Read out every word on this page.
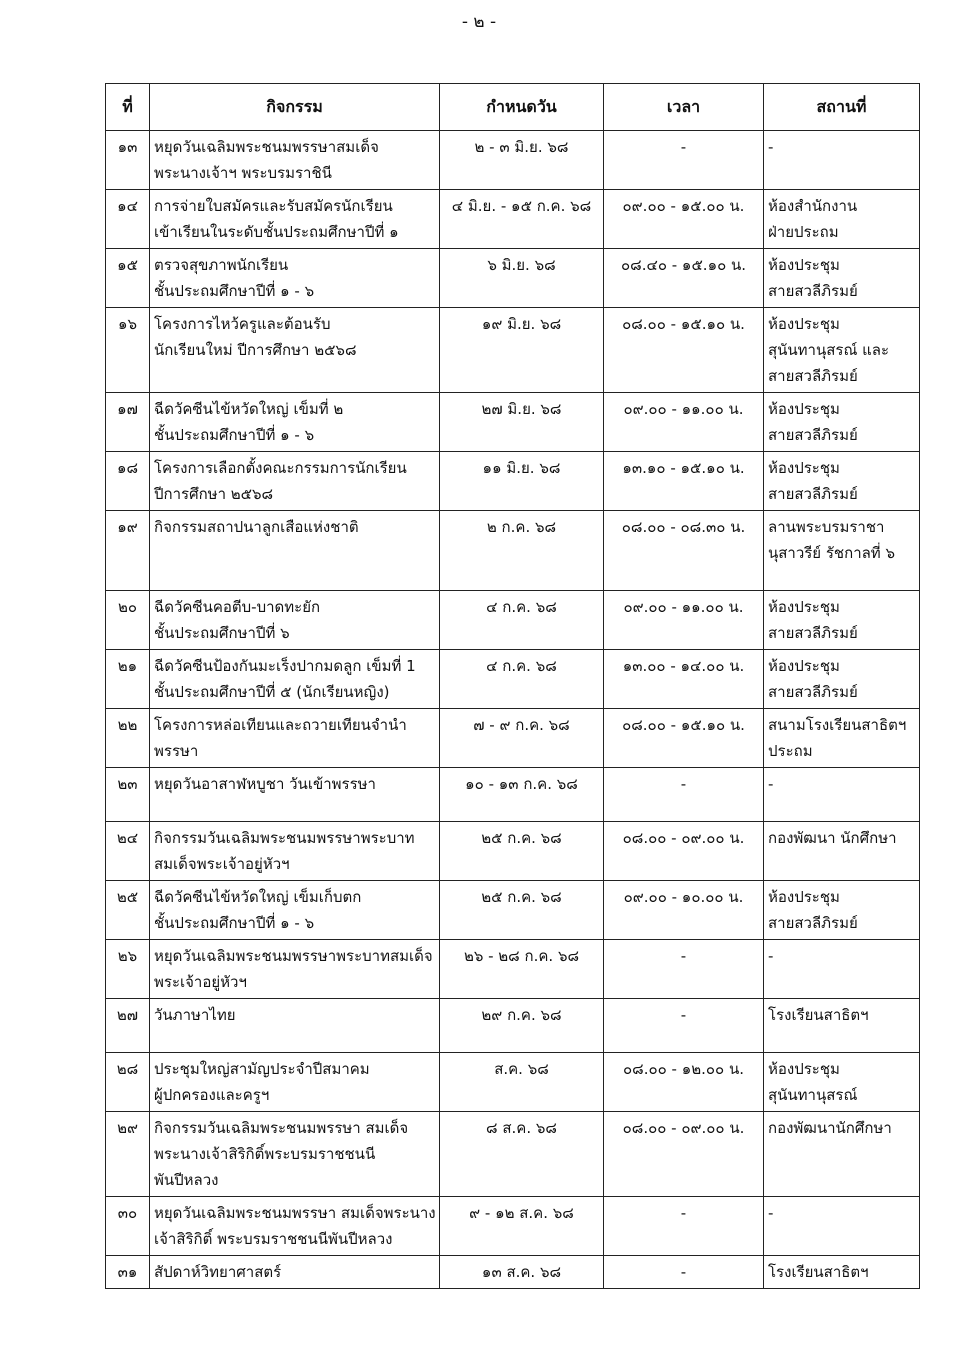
- ๒ -
ที่	กิจกรรม	กำหนดวัน	เวลา	สถานที่
๑๓	หยุดวันเฉลิมพระชนมพรรษาสมเด็จ
พระนางเจ้าฯ พระบรมราชินี	๒ - ๓ มิ.ย. ๖๘	-	-

๑๔	การจ่ายใบสมัครและรับสมัครนักเรียน
เข้าเรียนในระดับชั้นประถมศึกษาปีที่ ๑	๔ มิ.ย. - ๑๕ ก.ค. ๖๘	๐๙.๐๐ - ๑๕.๐๐ น.	ห้องสำนักงาน
ฝ่ายประถม

๑๕	ตรวจสุขภาพนักเรียน
ชั้นประถมศึกษาปีที่ ๑ - ๖	๖ มิ.ย. ๖๘	๐๘.๔๐ - ๑๕.๑๐ น.	ห้องประชุม
สายสวลีภิรมย์

๑๖	โครงการไหว้ครูและต้อนรับ
นักเรียนใหม่ ปีการศึกษา ๒๕๖๘	๑๙ มิ.ย. ๖๘	๐๘.๐๐ - ๑๕.๑๐ น.	ห้องประชุม
สุนันทานุสรณ์ และ
สายสวลีภิรมย์

๑๗	ฉีดวัคซีนไข้หวัดใหญ่ เข็มที่ ๒
ชั้นประถมศึกษาปีที่ ๑ - ๖	๒๗ มิ.ย. ๖๘	๐๙.๐๐ - ๑๑.๐๐ น.	ห้องประชุม
สายสวลีภิรมย์

๑๘	โครงการเลือกตั้งคณะกรรมการนักเรียน
ปีการศึกษา ๒๕๖๘	๑๑ มิ.ย. ๖๘	๑๓.๑๐ - ๑๕.๑๐ น.	ห้องประชุม
สายสวลีภิรมย์

๑๙	กิจกรรมสถาปนาลูกเสือแห่งชาติ	๒ ก.ค. ๖๘	๐๘.๐๐ - ๐๘.๓๐ น.	ลานพระบรมราชา
นุสาวรีย์ รัชกาลที่ ๖

๒๐	ฉีดวัคซีนคอตีบ-บาดทะยัก
ชั้นประถมศึกษาปีที่ ๖	๔ ก.ค. ๖๘	๐๙.๐๐ - ๑๑.๐๐ น.	ห้องประชุม
สายสวลีภิรมย์

๒๑	ฉีดวัคซีนป้องกันมะเร็งปากมดลูก เข็มที่ 1
ชั้นประถมศึกษาปีที่ ๕ (นักเรียนหญิง)	๔ ก.ค. ๖๘	๑๓.๐๐ - ๑๔.๐๐ น.	ห้องประชุม
สายสวลีภิรมย์

๒๒	โครงการหล่อเทียนและถวายเทียนจำนำ
พรรษา	๗ - ๙ ก.ค. ๖๘	๐๘.๐๐ - ๑๕.๑๐ น.	สนามโรงเรียนสาธิตฯ
ประถม

๒๓	หยุดวันอาสาฬหบูชา วันเข้าพรรษา	๑๐ - ๑๓ ก.ค. ๖๘	-	-

๒๔	กิจกรรมวันเฉลิมพระชนมพรรษาพระบาท
สมเด็จพระเจ้าอยู่หัวฯ	๒๕ ก.ค. ๖๘	๐๘.๐๐ - ๐๙.๐๐ น.	กองพัฒนา นักศึกษา

๒๕	ฉีดวัคซีนไข้หวัดใหญ่ เข็มเก็บตก
ชั้นประถมศึกษาปีที่ ๑ - ๖	๒๕ ก.ค. ๖๘	๐๙.๐๐ - ๑๐.๐๐ น.	ห้องประชุม
สายสวลีภิรมย์

๒๖	หยุดวันเฉลิมพระชนมพรรษาพระบาทสมเด็จ
พระเจ้าอยู่หัวฯ	๒๖ - ๒๘ ก.ค. ๖๘	-	-

๒๗	วันภาษาไทย	๒๙ ก.ค. ๖๘	-	โรงเรียนสาธิตฯ

๒๘	ประชุมใหญ่สามัญประจำปีสมาคม
ผู้ปกครองและครูฯ	ส.ค. ๖๘	๐๘.๐๐ - ๑๒.๐๐ น.	ห้องประชุม
สุนันทานุสรณ์

๒๙	กิจกรรมวันเฉลิมพระชนมพรรษา สมเด็จ
พระนางเจ้าสิริกิติ์พระบรมราชชนนี
พันปีหลวง	๘ ส.ค. ๖๘	๐๘.๐๐ - ๐๙.๐๐ น.	กองพัฒนานักศึกษา

๓๐	หยุดวันเฉลิมพระชนมพรรษา สมเด็จพระนาง
เจ้าสิริกิติ์ พระบรมราชชนนีพันปีหลวง	๙ - ๑๒ ส.ค. ๖๘	-	-

๓๑	สัปดาห์วิทยาศาสตร์	๑๓ ส.ค. ๖๘	-	โรงเรียนสาธิตฯ
